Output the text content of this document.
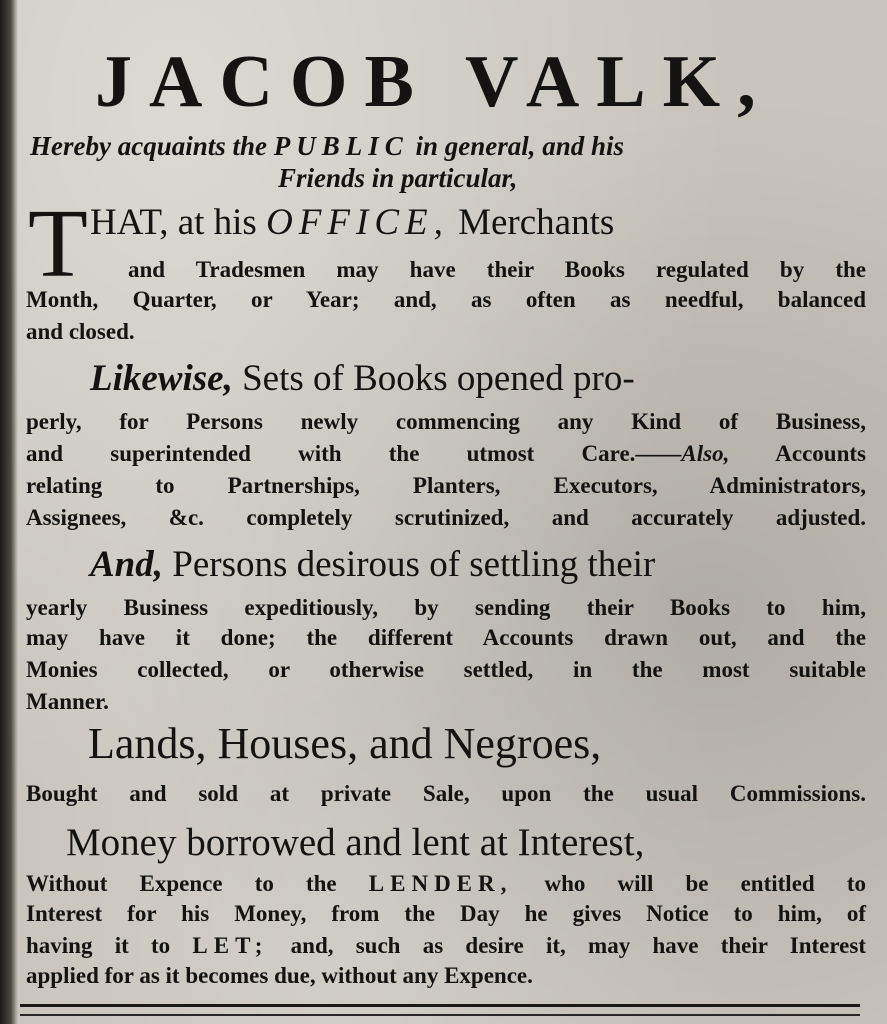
JACOB VALK,
Hereby acquaints the PUBLIC in general, and his
Friends in particular,
T HAT, at his OFFICE, Merchants
and Tradesmen may have their Books regulated by the
Month, Quarter, or Year; and, as often as needful, balanced
and closed.
Likewise, Sets of Books opened pro-
perly, for Persons newly commencing any Kind of Business,
and superintended with the utmost Care.——Also, Accounts
relating to Partnerships, Planters, Executors, Administrators,
Assignees, &c. completely scrutinized, and accurately adjusted.
And, Persons desirous of settling their
yearly Business expeditiously, by sending their Books to him,
may have it done; the different Accounts drawn out, and the
Monies collected, or otherwise settled, in the most suitable
Manner.
Lands, Houses, and Negroes,
Bought and sold at private Sale, upon the usual Commissions.
Money borrowed and lent at Interest,
Without Expence to the LENDER, who will be entitled to
Interest for his Money, from the Day he gives Notice to him, of
having it to LET; and, such as desire it, may have their Interest
applied for as it becomes due, without any Expence.
